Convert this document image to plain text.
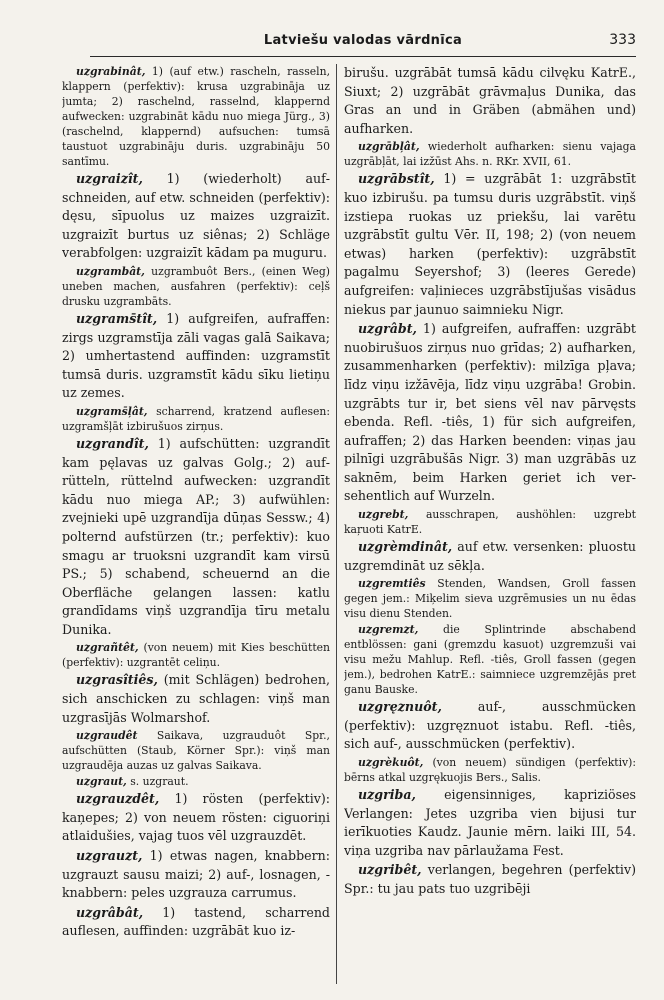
Latviešu valodas vārdnīca	333

uzgrabinât, 1) (auf etw.) rascheln, rasseln, klappern (perfektiv): krusa uzgrabināja uz jumta; 2) raschelnd, rasselnd, klappernd aufwecken: uzgrabināt kādu nuo miega Jürg., 3) (raschelnd, klappernd) aufsuchen: tumsā taustuot uzgrabināju duris. uzgrabināju 50 santīmu.

uzgraizît, 1) (wiederholt) aufschneiden, auf etw. schneiden (perfektiv): dęsu, sīpuolus uz maizes uzgraizīt. uzgraizīt burtus uz siênas; 2) Schläge verabfolgen: uzgraizīt kādam pa muguru.

uzgrambât, uzgrambuôt Bers., (einen Weg) uneben machen, ausfahren (perfektiv): ceļš drusku uzgrambāts.

uzgrams̄tît, 1) aufgreifen, aufraffen: zirgs uzgramstīja zāli vagas galā Saikava; 2) umhertastend auffinden: uzgramstīt tumsā duris. uzgramstīt kādu sīku lietiņu uz zemes.

uzgrams̄ļât, scharrend, kratzend auflesen: uzgramšļāt izbirušuos zirņus.

uzgrandît, 1) aufschütten: uzgrandīt kam pęlavas uz galvas Golg.; 2) aufrütteln, rüttelnd aufwecken: uzgrandīt kādu nuo miega AP.; 3) aufwühlen: zvejnieki upē uzgrandīja dūņas Sessw.; 4) polternd aufstürzen (tr.; perfektiv): kuo smagu ar truoksni uzgrandīt kam virsū PS.; 5) schabend, scheuernd an die Oberfläche gelangen lassen: katlu grandīdams viņš uzgrandīja tīru metalu Dunika.

uzgrañtêt, (von neuem) mit Kies beschütten (perfektiv): uzgrantēt celiņu.

uzgrasîtiês, (mit Schlägen) bedrohen, sich anschicken zu schlagen: viņš man uzgrasījās Wolmarshof.

uzgraudêt Saikava, uzgrauduôt Spr., aufschütten (Staub, Körner Spr.): viņš man uzgraudēja auzas uz galvas Saikava.

uzgraut, s. uzgraut.

uzgrauzdêt, 1) rösten (perfektiv): kaņepes; 2) von neuem rösten: ciguoriņi atlaidušies, vajag tuos vēl uzgrauzdēt.

uzgrauzt, 1) etwas nagen, knabbern: uzgrauzt sausu maizi; 2) auf-, losnagen, -knabbern: peles uzgrauza carrumus.

uzgrâbât, 1) tastend, scharrend auflesen, auffinden: uzgrābāt kuo iz-

birušu. uzgrābāt tumsā kādu cilvęku KatrE., Siuxt; 2) uzgrābāt grāvmaļus Dunika, das Gras an und in Gräben (abmähen und) aufharken.

uzgrābļât, wiederholt aufharken: sienu vajaga uzgrābļāt, lai izžūst Ahs. n. RKr. XVII, 61.

uzgrābstît, 1) = uzgrābāt 1: uzgrābstīt kuo izbirušu. pa tumsu duris uzgrābstīt. viņš izstiepa ruokas uz priekšu, lai varētu uzgrābstīt gultu Vēr. II, 198; 2) (von neuem etwas) harken (perfektiv): uzgrābstīt pagalmu Seyershof; 3) (leeres Gerede) aufgreifen: vaļinieces uzgrābstījušas visādus niekus par jaunuo saimnieku Nigr.

uzgrâbt, 1) aufgreifen, aufraffen: uzgrābt nuobirušuos zirņus nuo grīdas; 2) aufharken, zusammenharken (perfektiv): milzīga pļava; līdz viņu izžāvēja, līdz viņu uzgrāba! Grobin. uzgrābts tur ir, bet siens vēl nav pārvęsts ebenda. Refl. -tiês, 1) für sich aufgreifen, aufraffen; 2) das Harken beenden: viņas jau pilnīgi uzgrābušās Nigr. 3) man uzgrābās uz saknēm, beim Harken geriet ich versehentlich auf Wurzeln.

uzgrebt, ausschrapen, aushöhlen: uzgrebt kaŗuoti KatrE.

uzgrèmdinât, auf etw. versenken: pluostu uzgremdināt uz sēkļa.

uzgremtiês Stenden, Wandsen, Groll fassen gegen jem.: Miķelim sieva uzgrēmusies un nu ēdas visu dienu Stenden.

uzgremzt, die Splintrinde abschabend entblössen: gani (gremzdu kasuot) uzgremzuši vai visu mežu Mahlup. Refl. -tiês, Groll fassen (gegen jem.), bedrohen KatrE.: saimniece uzgremzējās pret ganu Bauske.

uzgręznuôt, auf-, ausschmücken (perfektiv): uzgręznuot istabu. Refl. -tiês, sich auf-, ausschmücken (perfektiv).

uzgrèkuôt, (von neuem) sündigen (perfektiv): bērns atkal uzgrękuojis Bers., Salis.

uzgriba, eigensinniges, kapriziöses Verlangen: Jetes uzgriba vien bijusi tur ierīkuoties Kaudz. Jaunie mērn. laiki III, 54. viņa uzgriba nav pārlaužama Fest.

uzgribêt, verlangen, begehren (perfektiv) Spr.: tu jau pats tuo uzgribēji
